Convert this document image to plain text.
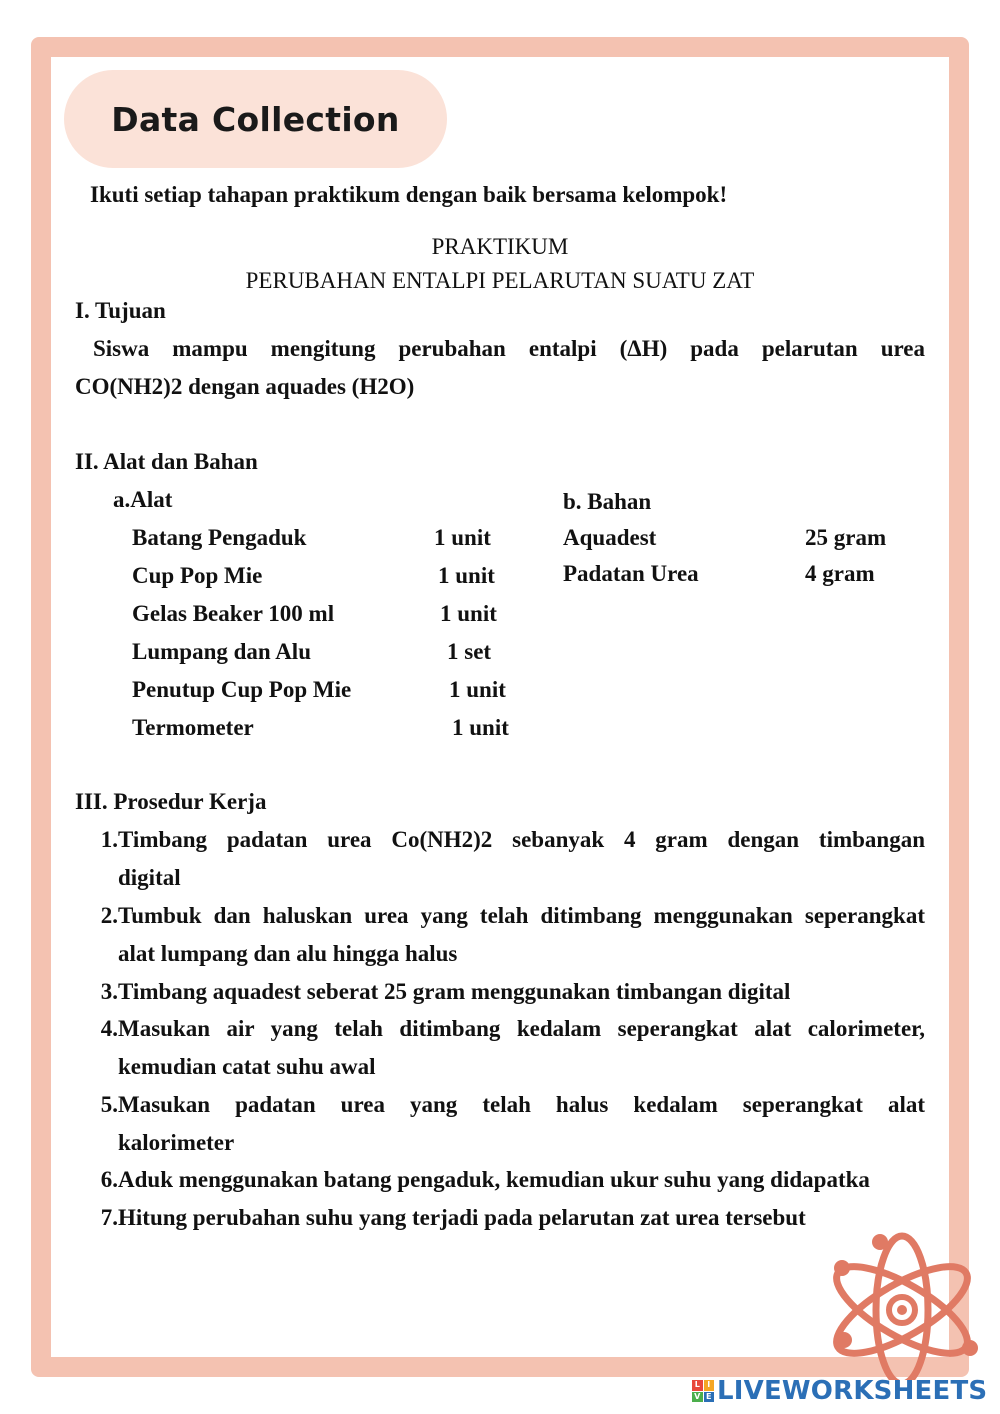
Data Collection
Ikuti setiap tahapan praktikum dengan baik bersama kelompok!
PRAKTIKUM
PERUBAHAN ENTALPI PELARUTAN SUATU ZAT
I. Tujuan
Siswa mampu mengitung perubahan entalpi (ΔH) pada pelarutan urea
CO(NH2)2 dengan aquades (H2O)
II. Alat dan Bahan
a.Alat	b. Bahan
Batang Pengaduk	1 unit
Cup Pop Mie	1 unit
Gelas Beaker 100 ml	1 unit
Lumpang dan Alu	1 set
Penutup Cup Pop Mie	1 unit
Termometer	1 unit
Aquadest	25 gram
Padatan Urea	4 gram
III. Prosedur Kerja
1. Timbang padatan urea Co(NH2)2 sebanyak 4 gram dengan timbangan
digital
2. Tumbuk dan haluskan urea yang telah ditimbang menggunakan seperangkat
alat lumpang dan alu hingga halus
3. Timbang aquadest seberat 25 gram menggunakan timbangan digital
4. Masukan air yang telah ditimbang kedalam seperangkat alat calorimeter,
kemudian catat suhu awal
5. Masukan padatan urea yang telah halus kedalam seperangkat alat
kalorimeter
6. Aduk menggunakan batang pengaduk, kemudian ukur suhu yang didapatka
7. Hitung perubahan suhu yang terjadi pada pelarutan zat urea tersebut
L I
V E LIVEWORKSHEETS
